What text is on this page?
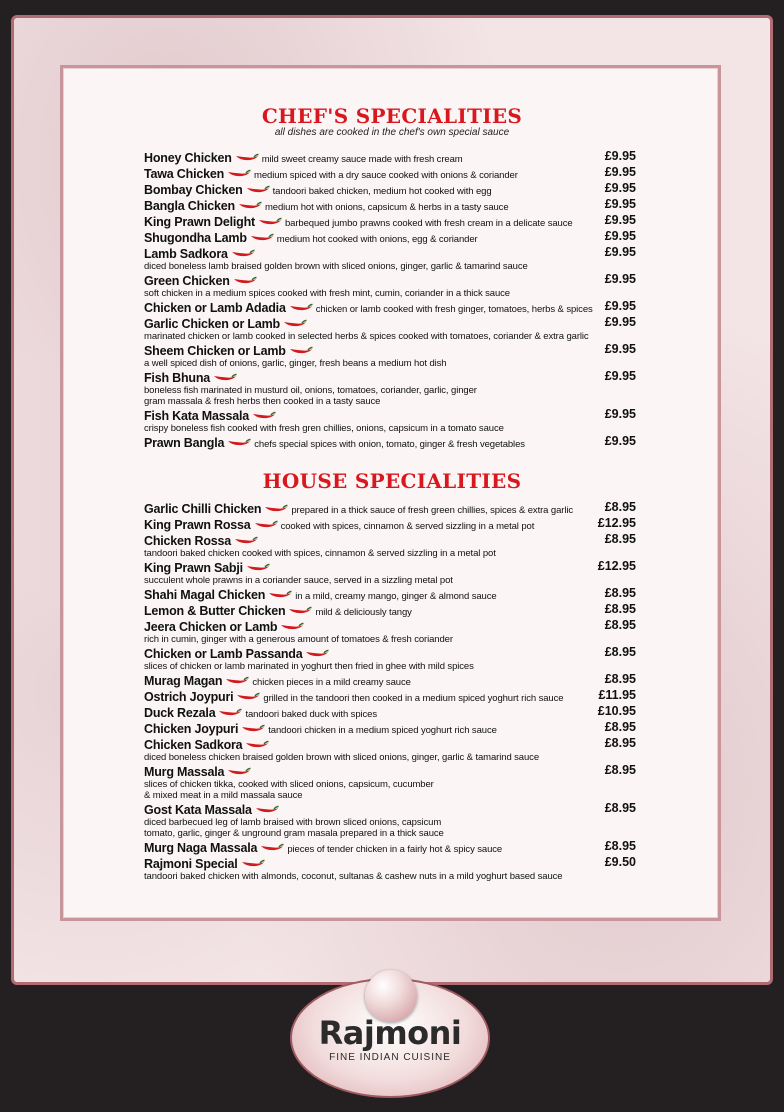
CHEF'S SPECIALITIES
all dishes are cooked in the chef's own special sauce
Honey Chicken	mild sweet creamy sauce made with fresh cream	£9.95
Tawa Chicken	medium spiced with a dry sauce cooked with onions & coriander	£9.95
Bombay Chicken	tandoori baked chicken, medium hot cooked with egg	£9.95
Bangla Chicken	medium hot with onions, capsicum & herbs in a tasty sauce	£9.95
King Prawn Delight	barbequed jumbo prawns cooked with fresh cream in a delicate sauce	£9.95
Shugondha Lamb	medium hot cooked with onions, egg & coriander	£9.95
Lamb Sadkora	£9.95
diced boneless lamb braised golden brown with sliced onions, ginger, garlic & tamarind sauce
Green Chicken	£9.95
soft chicken in a medium spices cooked with fresh mint, cumin, coriander in a thick sauce
Chicken or Lamb Adadia	chicken or lamb cooked with fresh ginger, tomatoes, herbs & spices £9.95
Garlic Chicken or Lamb	£9.95
marinated chicken or lamb cooked in selected herbs & spices cooked with tomatoes, coriander & extra garlic
Sheem Chicken or Lamb	£9.95
a well spiced dish of onions, garlic, ginger, fresh beans a medium hot dish
Fish Bhuna	£9.95
boneless fish marinated in musturd oil, onions, tomatoes, coriander, garlic, ginger
gram massala & fresh herbs then cooked in a tasty sauce
Fish Kata Massala	£9.95
crispy boneless fish cooked with fresh gren chillies, onions, capsicum in a tomato sauce
Prawn Bangla	chefs special spices with onion, tomato, ginger & fresh vegetables	£9.95
HOUSE SPECIALITIES
Garlic Chilli Chicken	prepared in a thick sauce of fresh green chillies, spices & extra garlic	£8.95
King Prawn Rossa	cooked with spices, cinnamon & served sizzling in a metal pot	£12.95
Chicken Rossa	£8.95
tandoori baked chicken cooked with spices, cinnamon & served sizzling in a metal pot
King Prawn Sabji	£12.95
succulent whole prawns in a coriander sauce, served in a sizzling metal pot
Shahi Magal Chicken	in a mild, creamy mango, ginger & almond sauce	£8.95
Lemon & Butter Chicken	mild & deliciously tangy	£8.95
Jeera Chicken or Lamb	£8.95
rich in cumin, ginger with a generous amount of tomatoes & fresh coriander
Chicken or Lamb Passanda	£8.95
slices of chicken or lamb marinated in yoghurt then fried in ghee with mild spices
Murag Magan	chicken pieces in a mild creamy sauce	£8.95
Ostrich Joypuri	grilled in the tandoori then cooked in a medium spiced yoghurt rich sauce	£11.95
Duck Rezala	tandoori baked duck with spices	£10.95
Chicken Joypuri	tandoori chicken in a medium spiced yoghurt rich sauce	£8.95
Chicken Sadkora	£8.95
diced boneless chicken braised golden brown with sliced onions, ginger, garlic & tamarind sauce
Murg Massala	£8.95
slices of chicken tikka, cooked with sliced onions, capsicum, cucumber
& mixed meat in a mild massala sauce
Gost Kata Massala	£8.95
diced barbecued leg of lamb braised with brown sliced onions, capsicum
tomato, garlic, ginger & unground gram masala prepared in a thick sauce
Murg Naga Massala	pieces of tender chicken in a fairly hot & spicy sauce	£8.95
Rajmoni Special	£9.50
tandoori baked chicken with almonds, coconut, sultanas & cashew nuts in a mild yoghurt based sauce
Rajmoni
FINE INDIAN CUISINE
